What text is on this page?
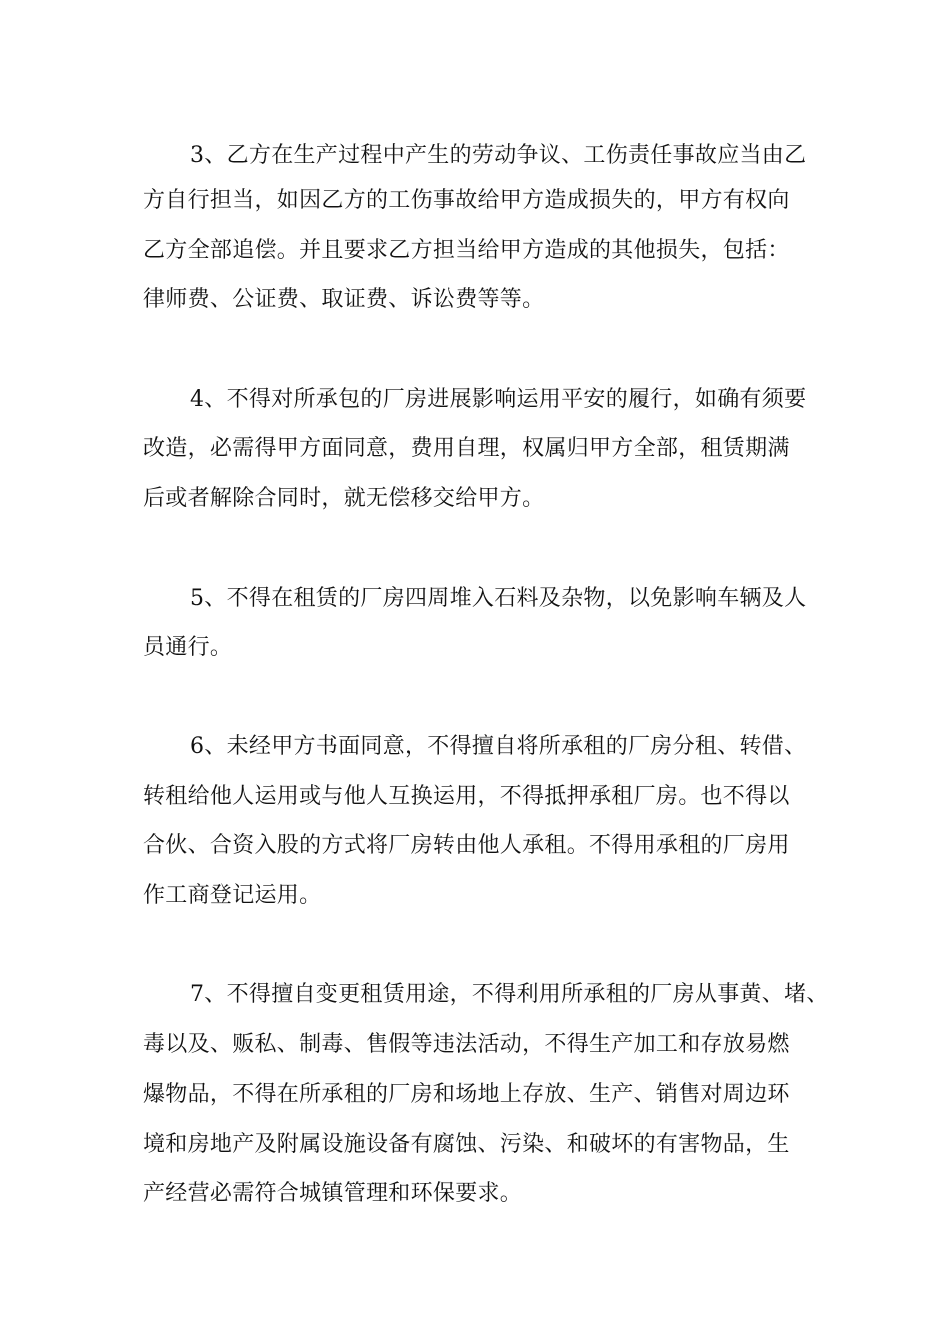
3、乙方在生产过程中产生的劳动争议、工伤责任事故应当由乙
方自行担当，如因乙方的工伤事故给甲方造成损失的，甲方有权向
乙方全部追偿。并且要求乙方担当给甲方造成的其他损失，包括：
律师费、公证费、取证费、诉讼费等等。
4、不得对所承包的厂房进展影响运用平安的履行，如确有须要
改造，必需得甲方面同意，费用自理，权属归甲方全部，租赁期满
后或者解除合同时，就无偿移交给甲方。
5、不得在租赁的厂房四周堆入石料及杂物，以免影响车辆及人
员通行。
6、未经甲方书面同意，不得擅自将所承租的厂房分租、转借、
转租给他人运用或与他人互换运用，不得抵押承租厂房。也不得以
合伙、合资入股的方式将厂房转由他人承租。不得用承租的厂房用
作工商登记运用。
7、不得擅自变更租赁用途，不得利用所承租的厂房从事黄、堵、
毒以及、贩私、制毒、售假等违法活动，不得生产加工和存放易燃
爆物品，不得在所承租的厂房和场地上存放、生产、销售对周边环
境和房地产及附属设施设备有腐蚀、污染、和破坏的有害物品，生
产经营必需符合城镇管理和环保要求。
